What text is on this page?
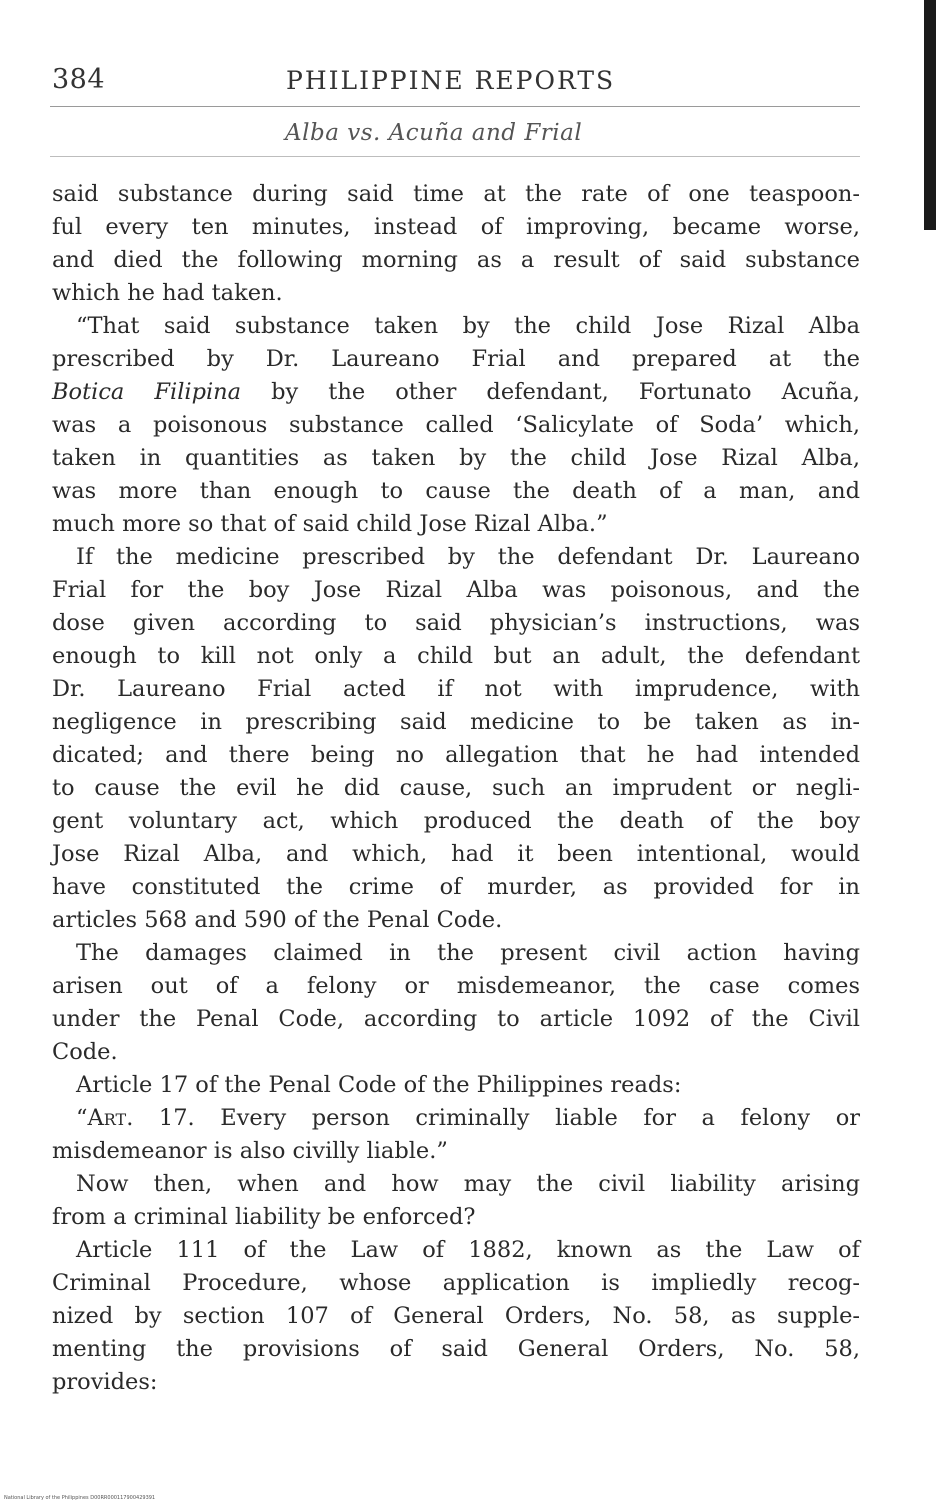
384	PHILIPPINE REPORTS
Alba vs. Acuña and Frial
said substance during said time at the rate of one teaspoon-
ful every ten minutes, instead of improving, became worse,
and died the following morning as a result of said substance
which he had taken.
“That said substance taken by the child Jose Rizal Alba
prescribed by Dr. Laureano Frial and prepared at the
Botica Filipina by the other defendant, Fortunato Acuña,
was a poisonous substance called ‘Salicylate of Soda’ which,
taken in quantities as taken by the child Jose Rizal Alba,
was more than enough to cause the death of a man, and
much more so that of said child Jose Rizal Alba.”
If the medicine prescribed by the defendant Dr. Laureano
Frial for the boy Jose Rizal Alba was poisonous, and the
dose given according to said physician’s instructions, was
enough to kill not only a child but an adult, the defendant
Dr. Laureano Frial acted if not with imprudence, with
negligence in prescribing said medicine to be taken as in-
dicated; and there being no allegation that he had intended
to cause the evil he did cause, such an imprudent or negli-
gent voluntary act, which produced the death of the boy
Jose Rizal Alba, and which, had it been intentional, would
have constituted the crime of murder, as provided for in
articles 568 and 590 of the Penal Code.
The damages claimed in the present civil action having
arisen out of a felony or misdemeanor, the case comes
under the Penal Code, according to article 1092 of the Civil
Code.
Article 17 of the Penal Code of the Philippines reads:
“Art. 17. Every person criminally liable for a felony or
misdemeanor is also civilly liable.”
Now then, when and how may the civil liability arising
from a criminal liability be enforced?
Article 111 of the Law of 1882, known as the Law of
Criminal Procedure, whose application is impliedly recog-
nized by section 107 of General Orders, No. 58, as supple-
menting the provisions of said General Orders, No. 58,
provides:
National Library of the Philippines D00RR000117900429391
